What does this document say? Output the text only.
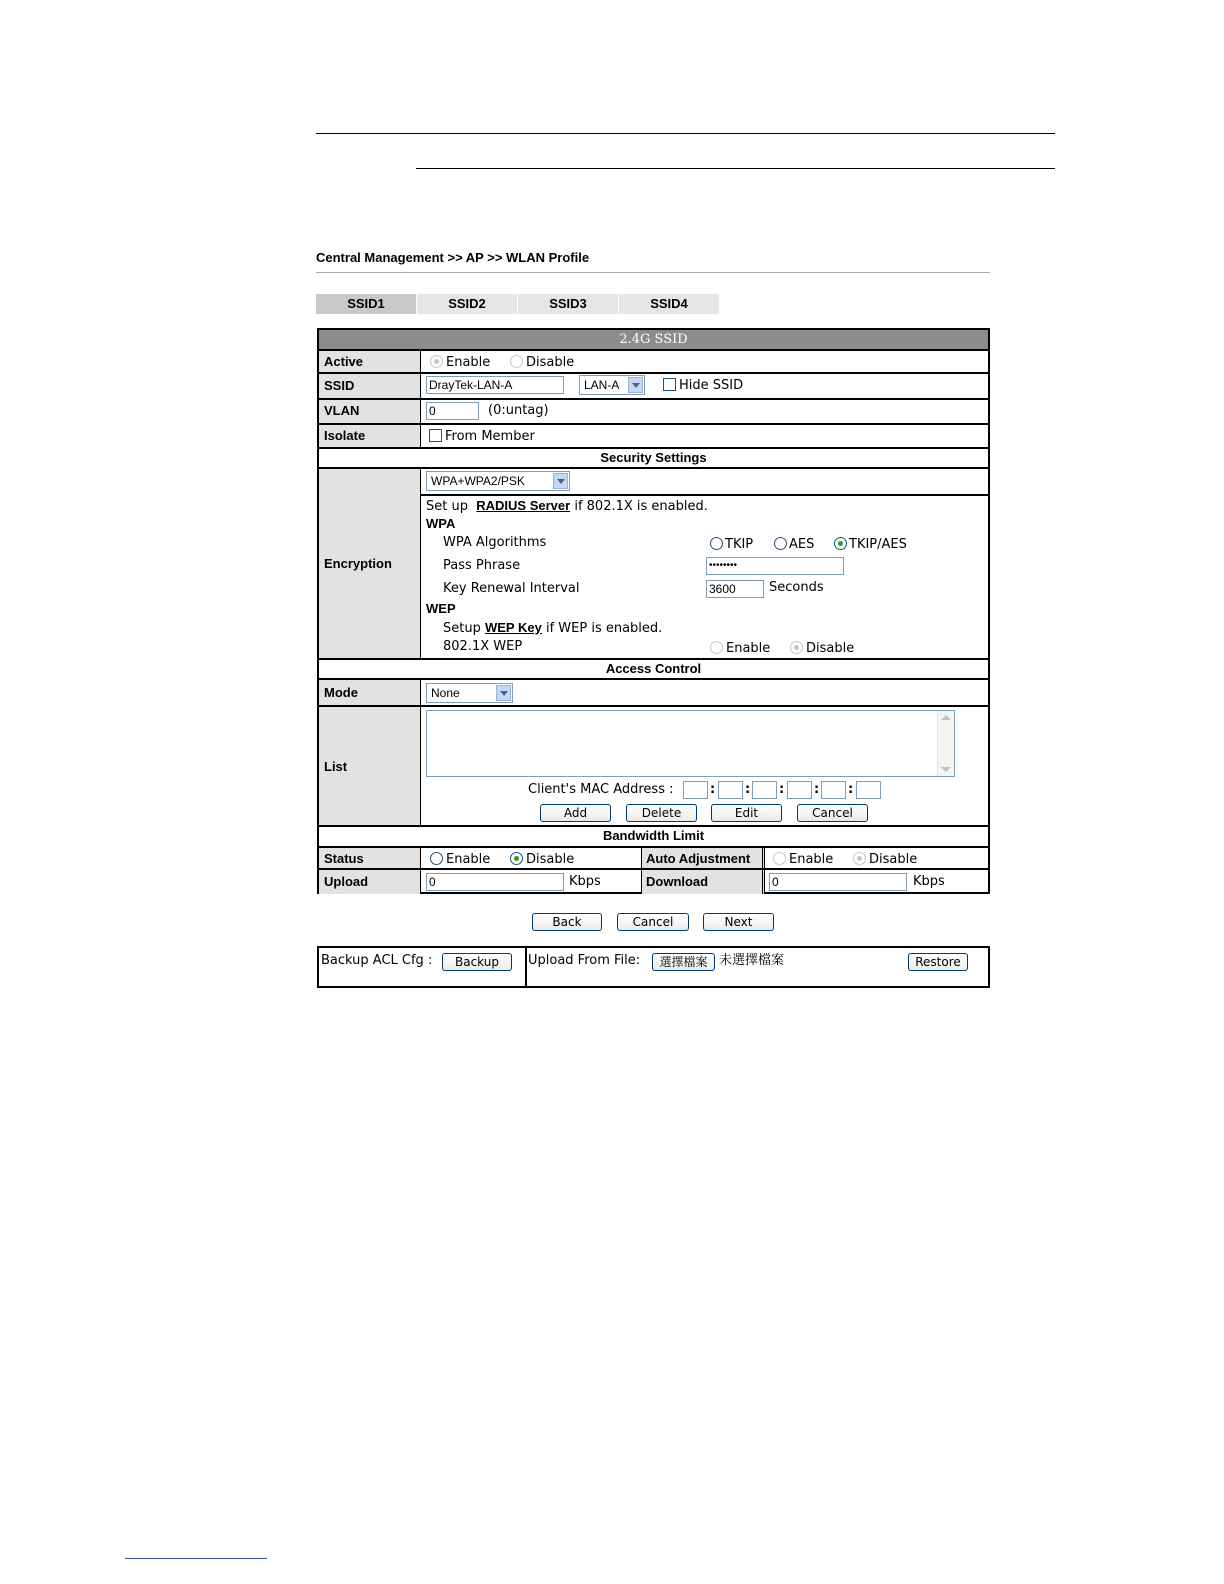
Central Management >> AP >> WLAN Profile
SSID1	SSID2	SSID3	SSID4
2.4G SSID
Active	Enable	Disable
SSID	DrayTek-LAN-A	LAN-A	Hide SSID
VLAN	0	(0:untag)
Isolate	From Member
Security Settings
Encryption
WPA+WPA2/PSK
Set up RADIUS Server if 802.1X is enabled.
WPA
WPA Algorithms	TKIP	AES	TKIP/AES
Pass Phrase	••••••••
Key Renewal Interval	3600	Seconds
WEP
Setup WEP Key if WEP is enabled.
802.1X WEP	Enable	Disable
Access Control
Mode	None
List
Client's MAC Address :	: : : : :
Add	Delete	Edit	Cancel
Bandwidth Limit
Status	Enable	Disable	Auto Adjustment	Enable	Disable
Upload	0	Kbps	Download	0	Kbps
Back	Cancel	Next
Backup ACL Cfg :	Backup	Upload From File:	選擇檔案 未選擇檔案	Restore
